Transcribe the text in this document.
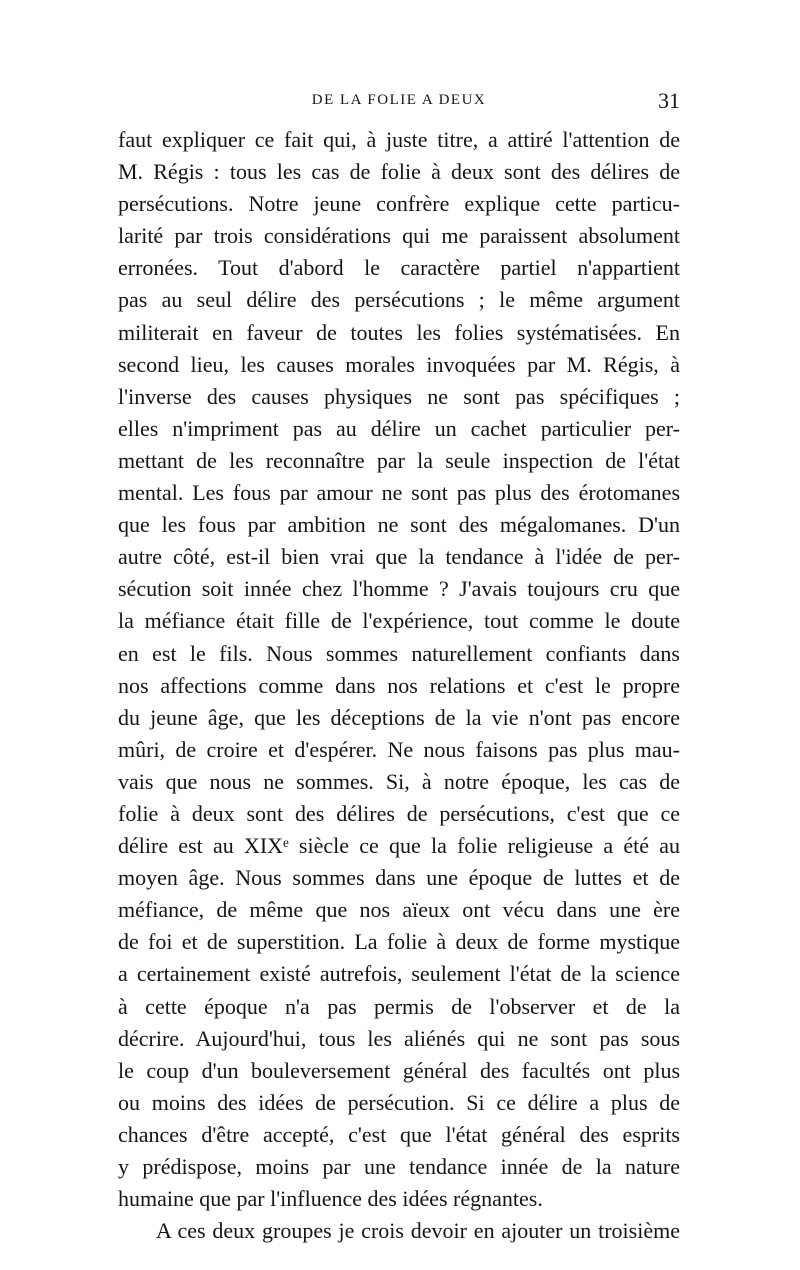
DE LA FOLIE A DEUX	31
faut expliquer ce fait qui, à juste titre, a attiré l'attention de
M. Régis : tous les cas de folie à deux sont des délires de
persécutions. Notre jeune confrère explique cette particu-
larité par trois considérations qui me paraissent absolument
erronées. Tout d'abord le caractère partiel n'appartient
pas au seul délire des persécutions ; le même argument
militerait en faveur de toutes les folies systématisées. En
second lieu, les causes morales invoquées par M. Régis, à
l'inverse des causes physiques ne sont pas spécifiques ;
elles n'impriment pas au délire un cachet particulier per-
mettant de les reconnaître par la seule inspection de l'état
mental. Les fous par amour ne sont pas plus des érotomanes
que les fous par ambition ne sont des mégalomanes. D'un
autre côté, est-il bien vrai que la tendance à l'idée de per-
sécution soit innée chez l'homme ? J'avais toujours cru que
la méfiance était fille de l'expérience, tout comme le doute
en est le fils. Nous sommes naturellement confiants dans
nos affections comme dans nos relations et c'est le propre
du jeune âge, que les déceptions de la vie n'ont pas encore
mûri, de croire et d'espérer. Ne nous faisons pas plus mau-
vais que nous ne sommes. Si, à notre époque, les cas de
folie à deux sont des délires de persécutions, c'est que ce
délire est au XIXᵉ siècle ce que la folie religieuse a été au
moyen âge. Nous sommes dans une époque de luttes et de
méfiance, de même que nos aïeux ont vécu dans une ère
de foi et de superstition. La folie à deux de forme mystique
a certainement existé autrefois, seulement l'état de la science
à cette époque n'a pas permis de l'observer et de la
décrire. Aujourd'hui, tous les aliénés qui ne sont pas sous
le coup d'un bouleversement général des facultés ont plus
ou moins des idées de persécution. Si ce délire a plus de
chances d'être accepté, c'est que l'état général des esprits
y prédispose, moins par une tendance innée de la nature
humaine que par l'influence des idées régnantes.
A ces deux groupes je crois devoir en ajouter un troisième
